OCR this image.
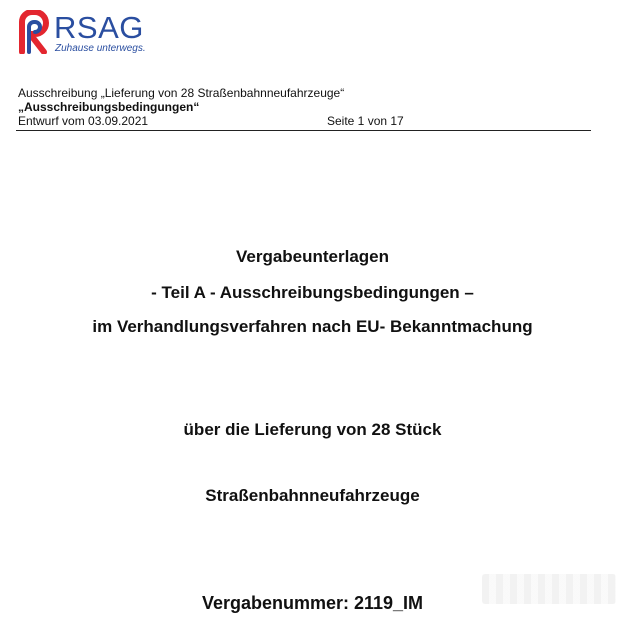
RSAG
Zuhause unterwegs.
Ausschreibung „Lieferung von 28 Straßenbahnneufahrzeuge“
„Ausschreibungsbedingungen“
Entwurf vom 03.09.2021	Seite 1 von 17
Vergabeunterlagen
- Teil A - Ausschreibungsbedingungen –
im Verhandlungsverfahren nach EU- Bekanntmachung
über die Lieferung von 28 Stück
Straßenbahnneufahrzeuge
Vergabenummer: 2119_IM
